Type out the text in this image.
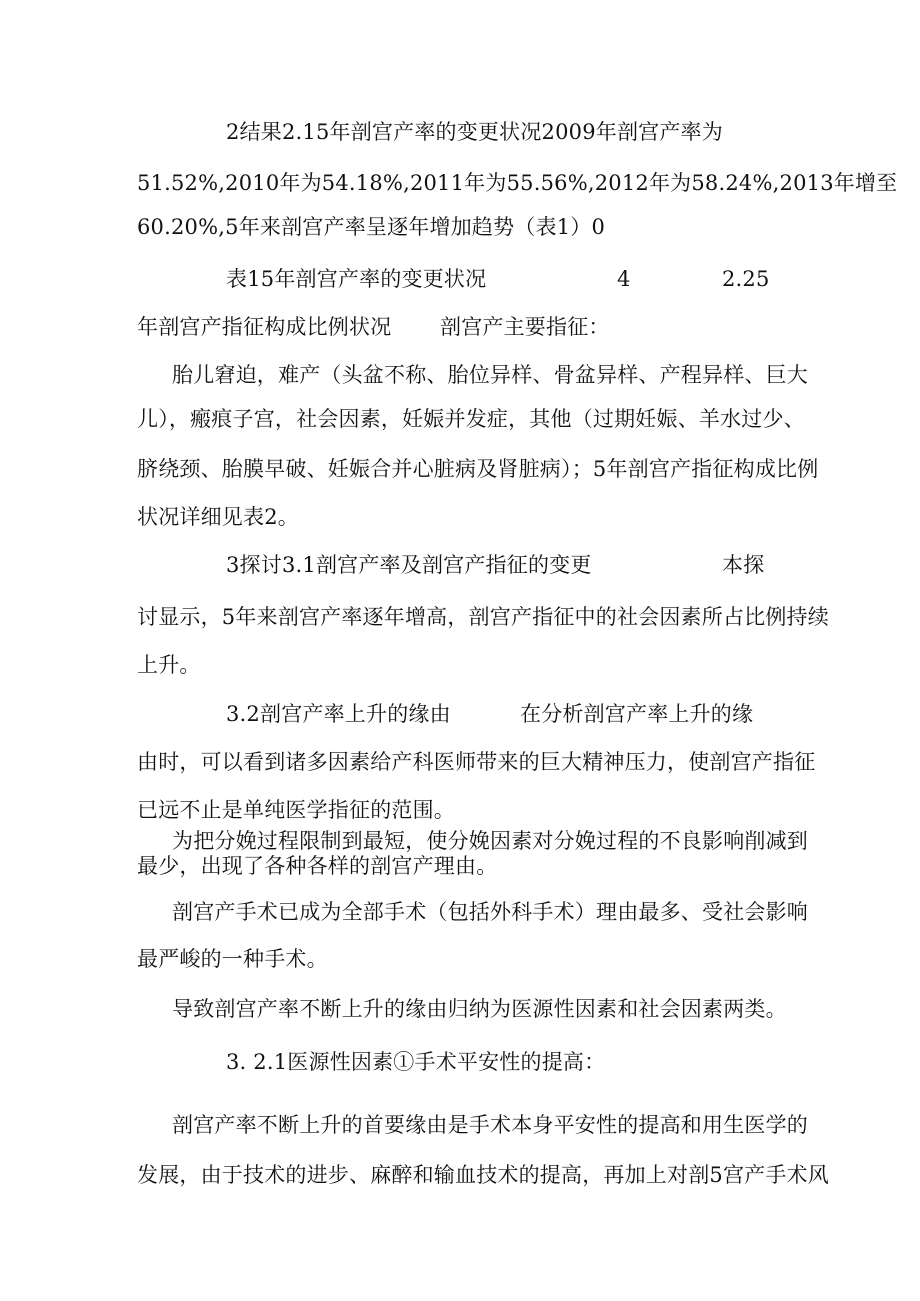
2结果2.15年剖宫产率的变更状况2009年剖宫产率为
51.52%,2010年为54.18%,2011年为55.56%,2012年为58.24%,2013年增至
60.20%,5年来剖宫产率呈逐年增加趋势（表1）0
表15年剖宫产率的变更状况	4	2.25
年剖宫产指征构成比例状况 剖宫产主要指征：
胎儿窘迫，难产（头盆不称、胎位异样、骨盆异样、产程异样、巨大
儿），瘢痕子宫，社会因素，妊娠并发症，其他（过期妊娠、羊水过少、
脐绕颈、胎膜早破、妊娠合并心脏病及肾脏病）；5年剖宫产指征构成比例
状况详细见表2。
3探讨3.1剖宫产率及剖宫产指征的变更	本探
讨显示，5年来剖宫产率逐年增高，剖宫产指征中的社会因素所占比例持续
上升。
3.2剖宫产率上升的缘由	在分析剖宫产率上升的缘
由时，可以看到诸多因素给产科医师带来的巨大精神压力，使剖宫产指征
已远不止是单纯医学指征的范围。
为把分娩过程限制到最短，使分娩因素对分娩过程的不良影响削减到
最少，出现了各种各样的剖宫产理由。
剖宫产手术已成为全部手术（包括外科手术）理由最多、受社会影响
最严峻的一种手术。
导致剖宫产率不断上升的缘由归纳为医源性因素和社会因素两类。
3. 2.1医源性因素①手术平安性的提高：
剖宫产率不断上升的首要缘由是手术本身平安性的提高和用生医学的
发展，由于技术的进步、麻醉和输血技术的提高，再加上对剖5宫产手术风
